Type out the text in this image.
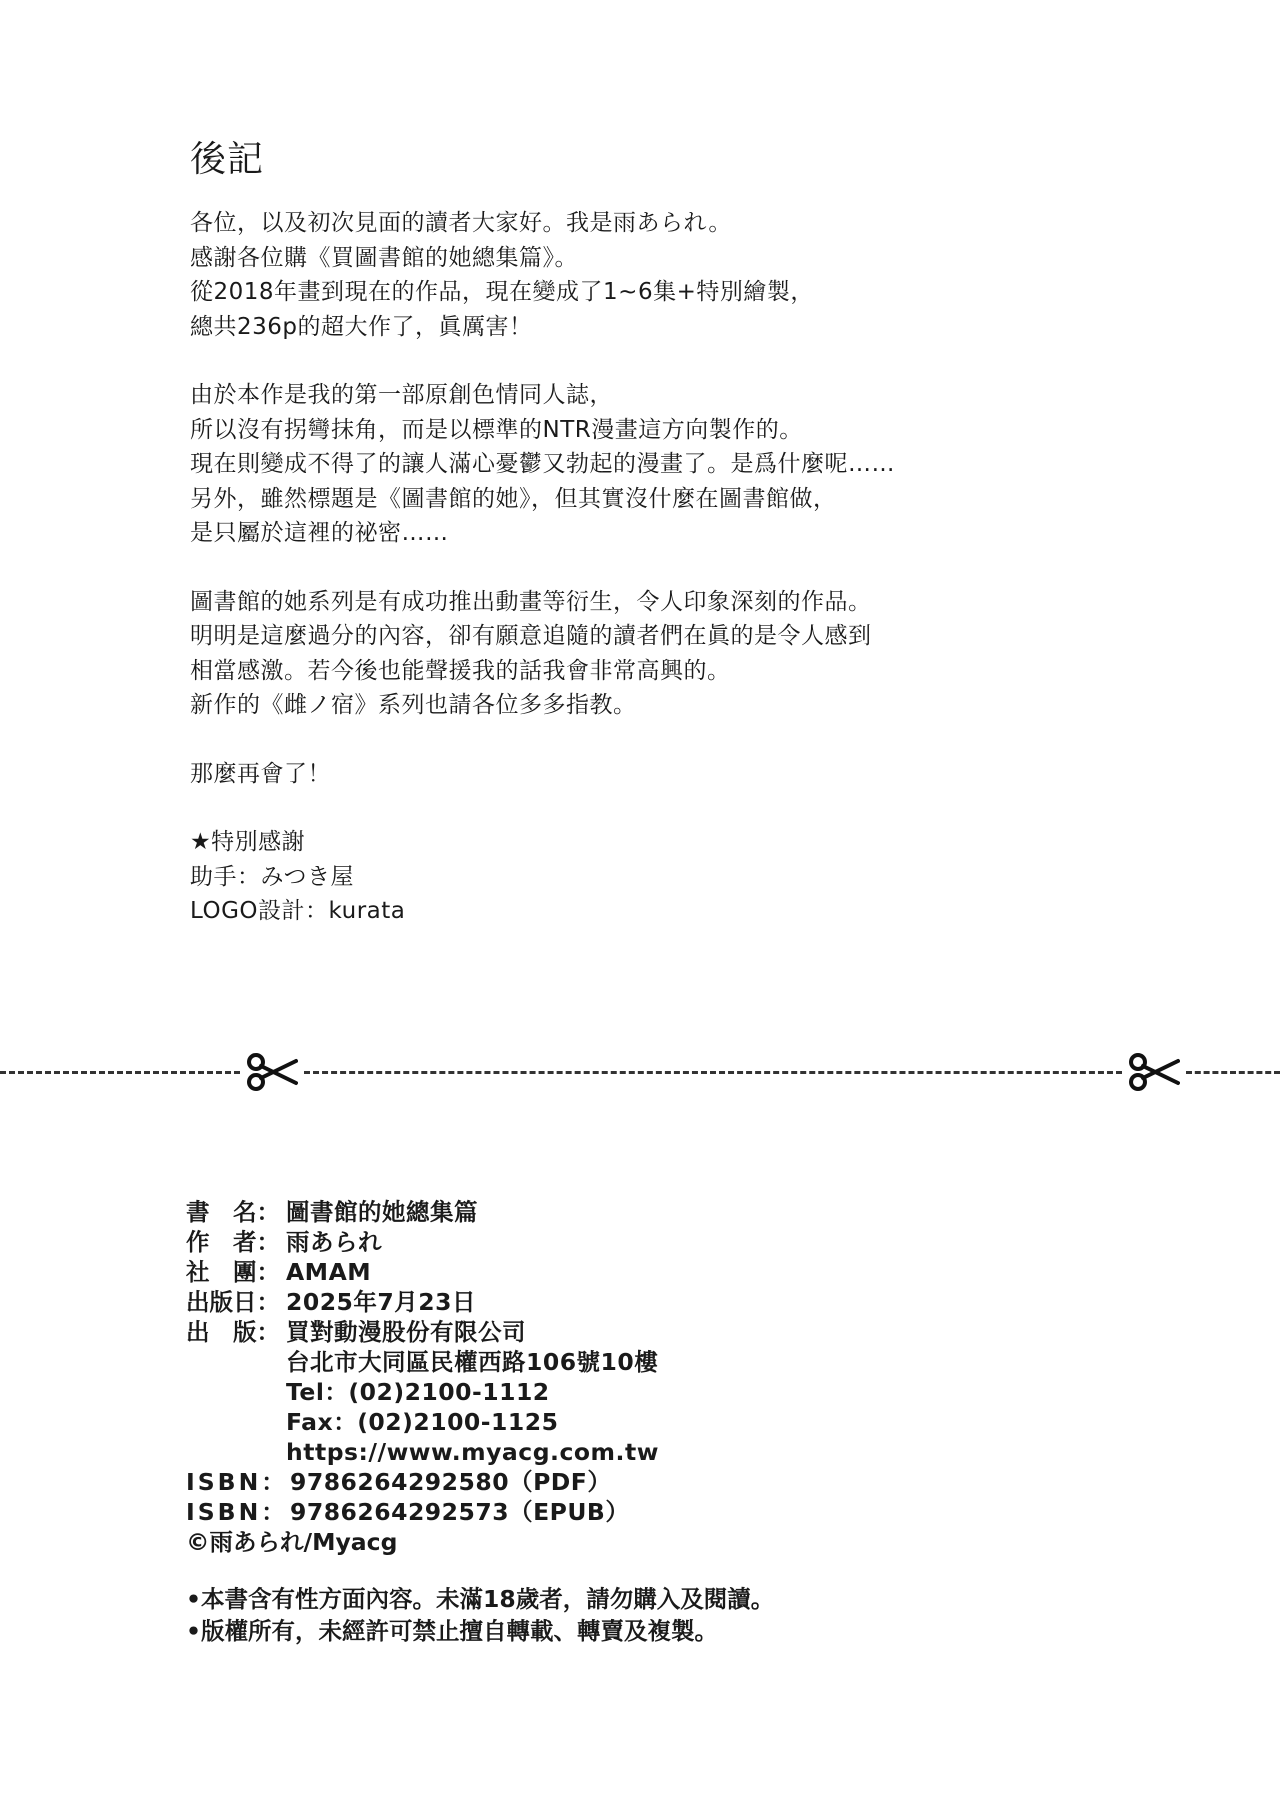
後記
各位，以及初次見面的讀者大家好。我是雨あられ。
感謝各位購《買圖書館的她總集篇》。
從2018年畫到現在的作品，現在變成了1~6集+特別繪製，
總共236p的超大作了，眞厲害！
由於本作是我的第一部原創色情同人誌，
所以沒有拐彎抹角，而是以標準的NTR漫畫這方向製作的。
現在則變成不得了的讓人滿心憂鬱又勃起的漫畫了。是爲什麼呢……
另外，雖然標題是《圖書館的她》，但其實沒什麼在圖書館做，
是只屬於這裡的祕密……
圖書館的她系列是有成功推出動畫等衍生，令人印象深刻的作品。
明明是這麼過分的內容，卻有願意追隨的讀者們在眞的是令人感到
相當感激。若今後也能聲援我的話我會非常高興的。
新作的《雌ノ宿》系列也請各位多多指教。
那麼再會了！
★特別感謝
助手：みつき屋
LOGO設計：kurata
書　名： 圖書館的她總集篇
作　者： 雨あられ
社　團： AMAM
出版日： 2025年7月23日
出　版： 買對動漫股份有限公司
台北市大同區民權西路106號10樓
Tel：(02)2100-1112
Fax：(02)2100-1125
https://www.myacg.com.tw
ISBN： 9786264292580（PDF）
ISBN： 9786264292573（EPUB）
©雨あられ/Myacg
•本書含有性方面內容。未滿18歲者，請勿購入及閱讀。
•版權所有，未經許可禁止擅自轉載、轉賣及複製。
